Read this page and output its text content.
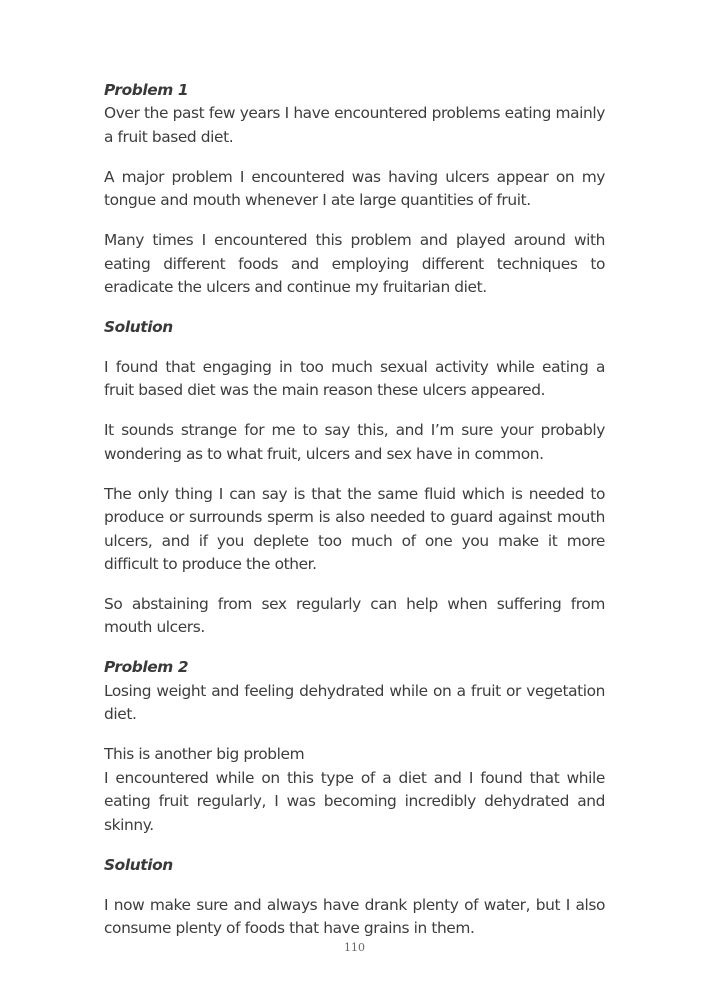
Problem 1
Over the past few years I have encountered problems eating mainly a fruit based diet.
A major problem I encountered was having ulcers appear on my tongue and mouth whenever I ate large quantities of fruit.
Many times I encountered this problem and played around with eating different foods and employing different techniques to eradicate the ulcers and continue my fruitarian diet.
Solution
I found that engaging in too much sexual activity while eating a fruit based diet was the main reason these ulcers appeared.
It sounds strange for me to say this, and I’m sure your probably wondering as to what fruit, ulcers and sex have in common.
The only thing I can say is that the same fluid which is needed to produce or surrounds sperm is also needed to guard against mouth ulcers, and if you deplete too much of one you make it more difficult to produce the other.
So abstaining from sex regularly can help when suffering from mouth ulcers.
Problem 2
Losing weight and feeling dehydrated while on a fruit or vegetation diet.
This is another big problem
I encountered while on this type of a diet and I found that while eating fruit regularly, I was becoming incredibly dehydrated and skinny.
Solution
I now make sure and always have drank plenty of water, but I also consume plenty of foods that have grains in them.
110
